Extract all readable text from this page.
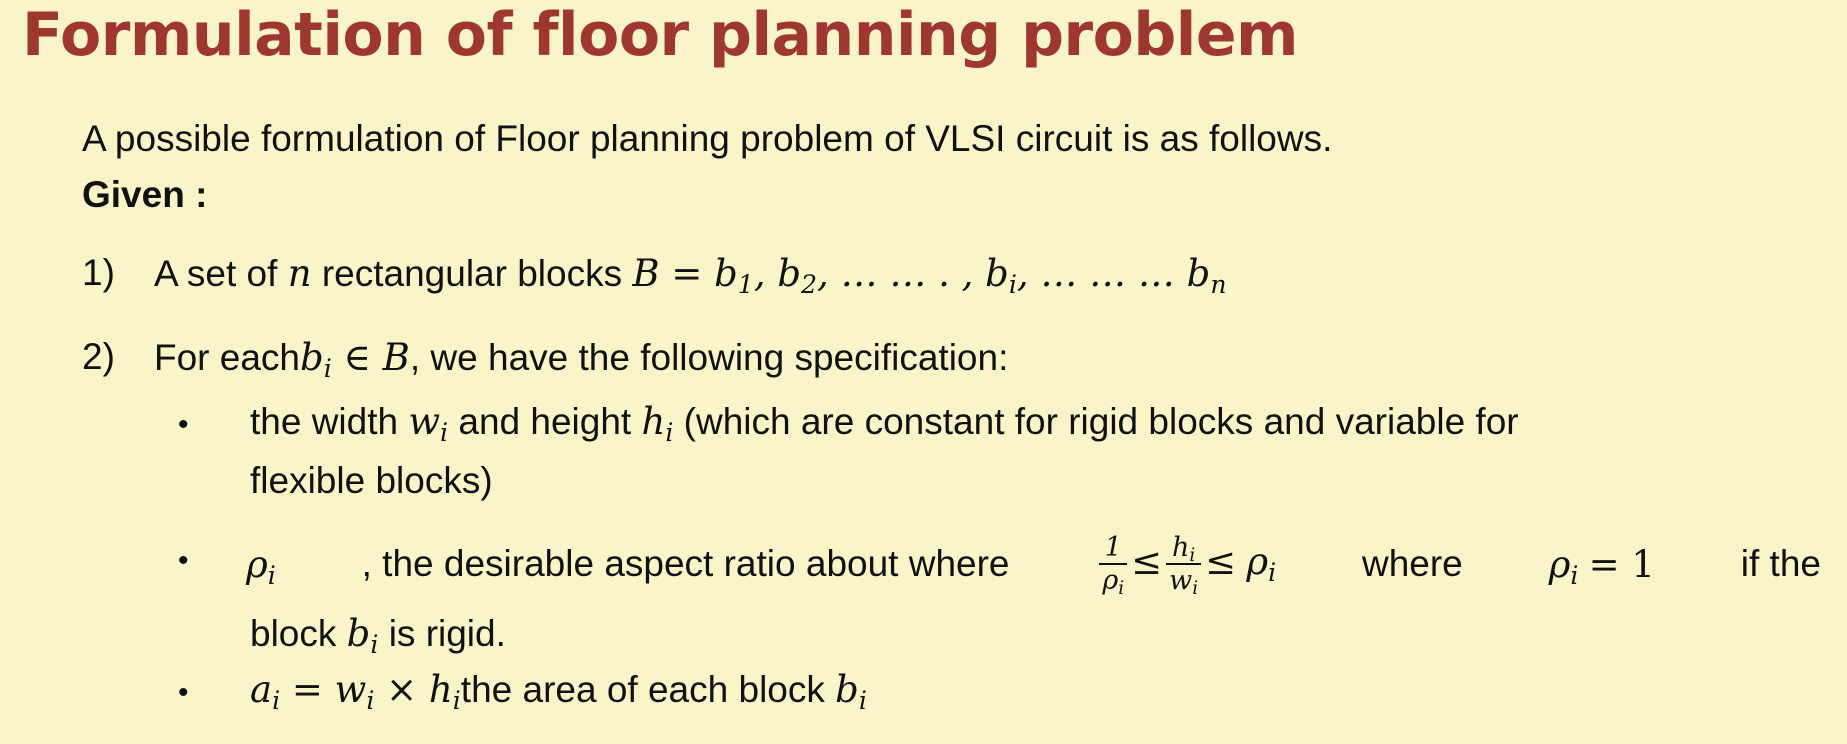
Formulation of floor planning problem
A possible formulation of Floor planning problem of VLSI circuit is as follows.
Given :
1) A set of n rectangular blocks $B = b_1$, $b_2$, … … . , $b_i$, … … … $b_n$
2) For eachb$_i$ ∈ B, we have the following specification:
• the width $w_i$ and height $h_i$ (which are constant for rigid blocks and variable for
flexible blocks)
• $\rho_i$ , the desirable aspect ratio about where	$\frac{1}{\rho_i} \le \frac{h_i}{w_i} \le \rho_i$ where $\rho_i = 1$ if the
block $b_i$ is rigid.
• $a_i = w_i \times h_ithe$ area of each block $b_i$
